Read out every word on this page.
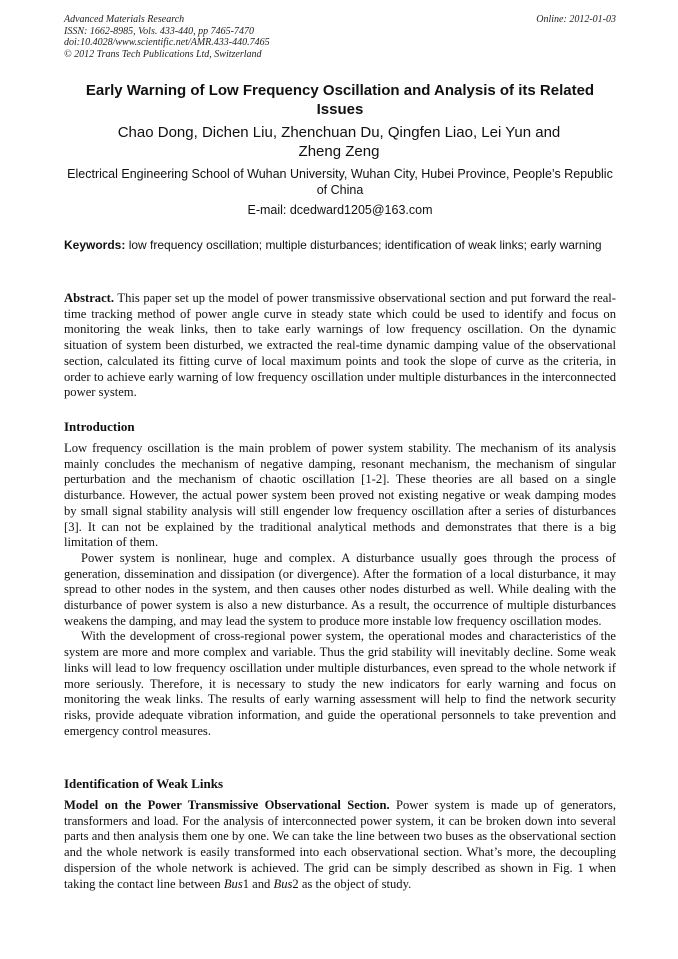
Advanced Materials Research
ISSN: 1662-8985, Vols. 433-440, pp 7465-7470
doi:10.4028/www.scientific.net/AMR.433-440.7465
© 2012 Trans Tech Publications Ltd, Switzerland
Online: 2012-01-03
Early Warning of Low Frequency Oscillation and Analysis of its Related Issues
Chao Dong, Dichen Liu, Zhenchuan Du, Qingfen Liao, Lei Yun and Zheng Zeng
Electrical Engineering School of Wuhan University, Wuhan City, Hubei Province, People’s Republic of China
E-mail: dcedward1205@163.com
Keywords: low frequency oscillation; multiple disturbances; identification of weak links; early warning
Abstract. This paper set up the model of power transmissive observational section and put forward the real-time tracking method of power angle curve in steady state which could be used to identify and focus on monitoring the weak links, then to take early warnings of low frequency oscillation. On the dynamic situation of system been disturbed, we extracted the real-time dynamic damping value of the observational section, calculated its fitting curve of local maximum points and took the slope of curve as the criteria, in order to achieve early warning of low frequency oscillation under multiple disturbances in the interconnected power system.
Introduction

Low frequency oscillation is the main problem of power system stability. The mechanism of its analysis mainly concludes the mechanism of negative damping, resonant mechanism, the mechanism of singular perturbation and the mechanism of chaotic oscillation [1-2]. These theories are all based on a single disturbance. However, the actual power system been proved not existing negative or weak damping modes by small signal stability analysis will still engender low frequency oscillation after a series of disturbances [3]. It can not be explained by the traditional analytical methods and demonstrates that there is a big limitation of them.

Power system is nonlinear, huge and complex. A disturbance usually goes through the process of generation, dissemination and dissipation (or divergence). After the formation of a local disturbance, it may spread to other nodes in the system, and then causes other nodes disturbed as well. While dealing with the disturbance of power system is also a new disturbance. As a result, the occurrence of multiple disturbances weakens the damping, and may lead the system to produce more instable low frequency oscillation modes.

With the development of cross-regional power system, the operational modes and characteristics of the system are more and more complex and variable. Thus the grid stability will inevitably decline. Some weak links will lead to low frequency oscillation under multiple disturbances, even spread to the whole network if more seriously. Therefore, it is necessary to study the new indicators for early warning and focus on monitoring the weak links. The results of early warning assessment will help to find the network security risks, provide adequate vibration information, and guide the operational personnels to take prevention and emergency control measures.

Identification of Weak Links

Model on the Power Transmissive Observational Section. Power system is made up of generators, transformers and load. For the analysis of interconnected power system, it can be broken down into several parts and then analysis them one by one. We can take the line between two buses as the observational section and the whole network is easily transformed into each observational section. What’s more, the decoupling dispersion of the whole network is achieved. The grid can be simply described as shown in Fig. 1 when taking the contact line between Bus1 and Bus2 as the object of study.
